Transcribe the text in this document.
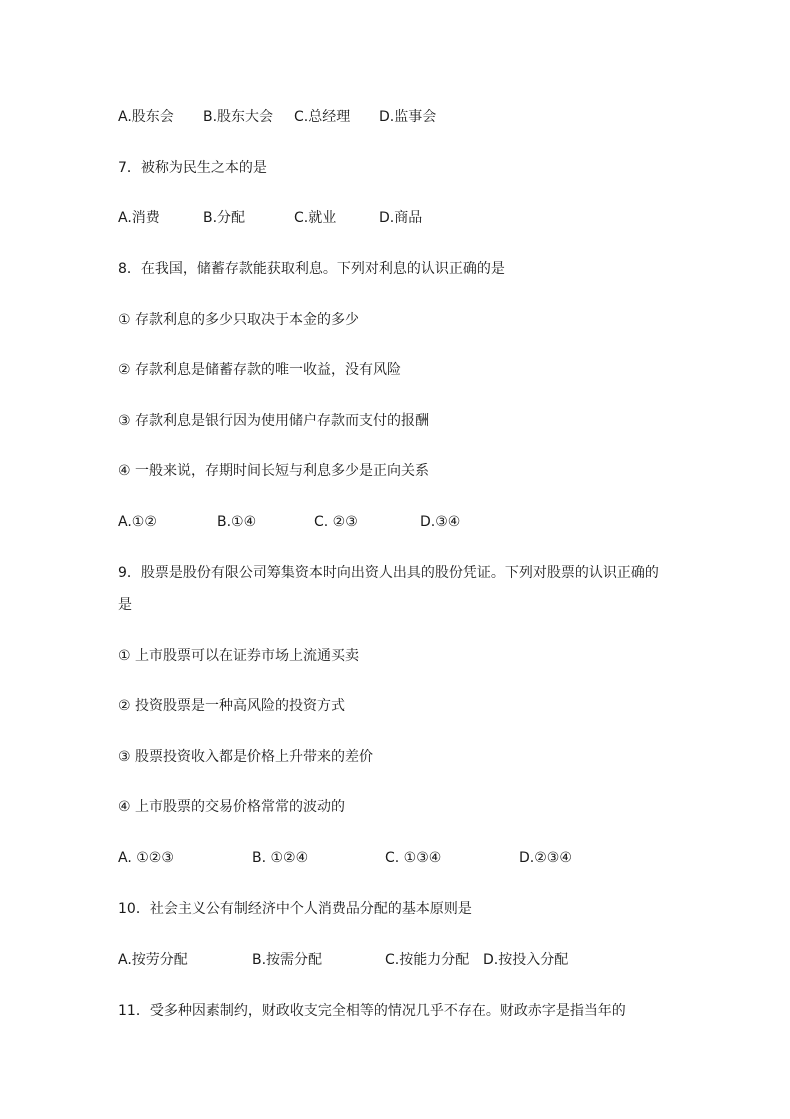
A.股东会 B.股东大会 C.总经理 D.监事会
7．被称为民生之本的是
A.消费	B.分配	C.就业	D.商品
8．在我国，储蓄存款能获取利息。下列对利息的认识正确的是
① 存款利息的多少只取决于本金的多少
② 存款利息是储蓄存款的唯一收益，没有风险
③ 存款利息是银行因为使用储户存款而支付的报酬
④ 一般来说，存期时间长短与利息多少是正向关系
A.①②	B.①④	C. ②③	D.③④
9．股票是股份有限公司筹集资本时向出资人出具的股份凭证。下列对股票的认识正确的
是
① 上市股票可以在证券市场上流通买卖
② 投资股票是一种高风险的投资方式
③ 股票投资收入都是价格上升带来的差价
④ 上市股票的交易价格常常的波动的
A. ①②③	B. ①②④	C. ①③④	D.②③④
10．社会主义公有制经济中个人消费品分配的基本原则是
A.按劳分配	B.按需分配	C.按能力分配 D.按投入分配
11．受多种因素制约，财政收支完全相等的情况几乎不存在。财政赤字是指当年的
